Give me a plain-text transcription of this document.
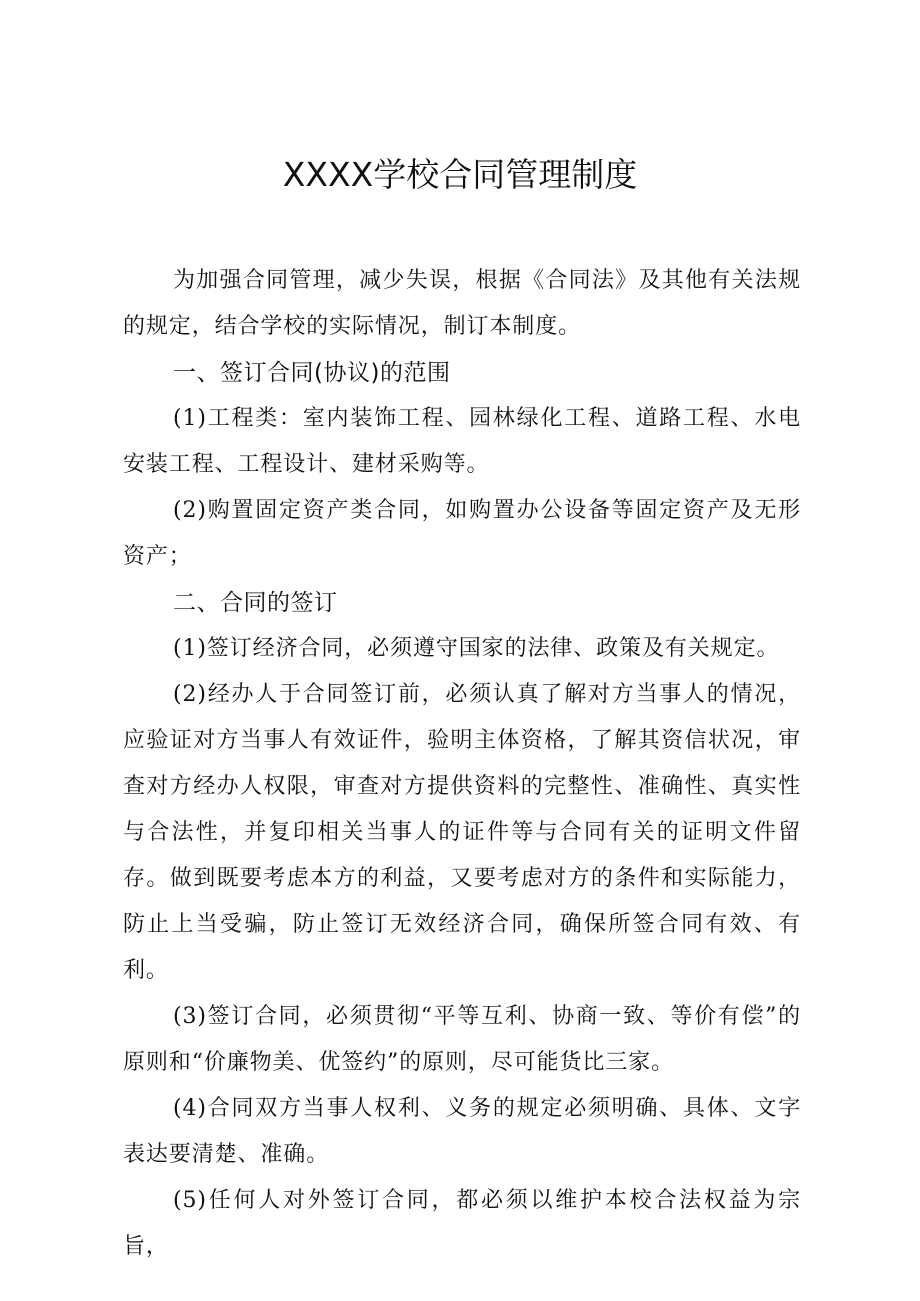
XXXX学校合同管理制度

为加强合同管理，减少失误，根据《合同法》及其他有关法规的规定，结合学校的实际情况，制订本制度。

一、签订合同(协议)的范围

(1)工程类：室内装饰工程、园林绿化工程、道路工程、水电安装工程、工程设计、建材采购等。

(2)购置固定资产类合同，如购置办公设备等固定资产及无形资产；

二、合同的签订

(1)签订经济合同，必须遵守国家的法律、政策及有关规定。

(2)经办人于合同签订前，必须认真了解对方当事人的情况，应验证对方当事人有效证件，验明主体资格，了解其资信状况，审查对方经办人权限，审查对方提供资料的完整性、准确性、真实性与合法性，并复印相关当事人的证件等与合同有关的证明文件留存。做到既要考虑本方的利益，又要考虑对方的条件和实际能力，防止上当受骗，防止签订无效经济合同，确保所签合同有效、有利。

(3)签订合同，必须贯彻“平等互利、协商一致、等价有偿”的原则和“价廉物美、优签约”的原则，尽可能货比三家。

(4)合同双方当事人权利、义务的规定必须明确、具体、文字表达要清楚、准确。

(5)任何人对外签订合同，都必须以维护本校合法权益为宗旨，
